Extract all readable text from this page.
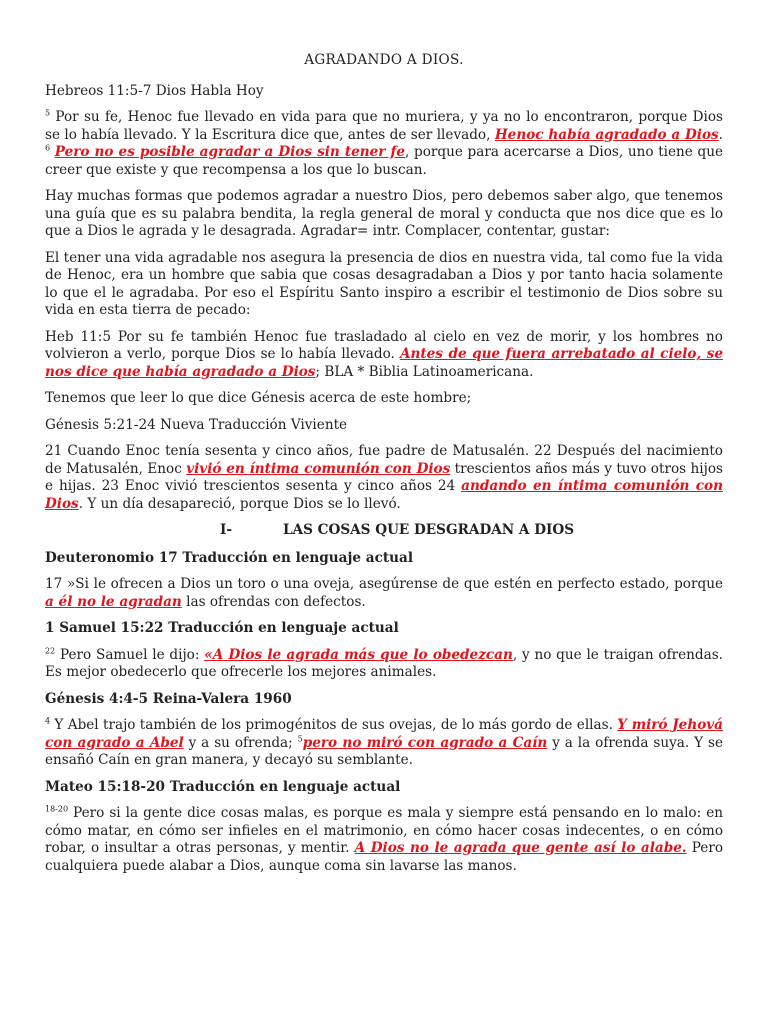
AGRADANDO A DIOS.

Hebreos 11:5-7 Dios Habla Hoy

$^5$ Por su fe, Henoc fue llevado en vida para que no muriera, y ya no lo encontraron, porque Dios se lo había llevado. Y la Escritura dice que, antes de ser llevado, Henoc había agradado a Dios. $^6$ Pero no es posible agradar a Dios sin tener fe, porque para acercarse a Dios, uno tiene que creer que existe y que recompensa a los que lo buscan.

Hay muchas formas que podemos agradar a nuestro Dios, pero debemos saber algo, que tenemos una guía que es su palabra bendita, la regla general de moral y conducta que nos dice que es lo que a Dios le agrada y le desagrada. Agradar= intr. Complacer, contentar, gustar:

El tener una vida agradable nos asegura la presencia de dios en nuestra vida, tal como fue la vida de Henoc, era un hombre que sabia que cosas desagradaban a Dios y por tanto hacia solamente lo que el le agradaba. Por eso el Espíritu Santo inspiro a escribir el testimonio de Dios sobre su vida en esta tierra de pecado:

Heb 11:5 Por su fe también Henoc fue trasladado al cielo en vez de morir, y los hombres no volvieron a verlo, porque Dios se lo había llevado. Antes de que fuera arrebatado al cielo, se nos dice que había agradado a Dios; BLA * Biblia Latinoamericana.

Tenemos que leer lo que dice Génesis acerca de este hombre;

Génesis 5:21-24 Nueva Traducción Viviente

21 Cuando Enoc tenía sesenta y cinco años, fue padre de Matusalén. 22 Después del nacimiento de Matusalén, Enoc vivió en íntima comunión con Dios trescientos años más y tuvo otros hijos e hijas. 23 Enoc vivió trescientos sesenta y cinco años 24 andando en íntima comunión con Dios. Y un día desapareció, porque Dios se lo llevó.

I-	LAS COSAS QUE DESGRADAN A DIOS
Deuteronomio 17 Traducción en lenguaje actual

17 »Si le ofrecen a Dios un toro o una oveja, asegúrense de que estén en perfecto estado, porque a él no le agradan las ofrendas con defectos.

1 Samuel 15:22 Traducción en lenguaje actual

$^{22}$ Pero Samuel le dijo: «A Dios le agrada más que lo obedezcan, y no que le traigan ofrendas. Es mejor obedecerlo que ofrecerle los mejores animales.

Génesis 4:4-5 Reina-Valera 1960

$^4$ Y Abel trajo también de los primogénitos de sus ovejas, de lo más gordo de ellas. Y miró Jehová con agrado a Abel y a su ofrenda; $^5$pero no miró con agrado a Caín y a la ofrenda suya. Y se ensañó Caín en gran manera, y decayó su semblante.

Mateo 15:18-20 Traducción en lenguaje actual

$^{18-20}$ Pero si la gente dice cosas malas, es porque es mala y siempre está pensando en lo malo: en cómo matar, en cómo ser infieles en el matrimonio, en cómo hacer cosas indecentes, o en cómo robar, o insultar a otras personas, y mentir. A Dios no le agrada que gente así lo alabe. Pero cualquiera puede alabar a Dios, aunque coma sin lavarse las manos.
